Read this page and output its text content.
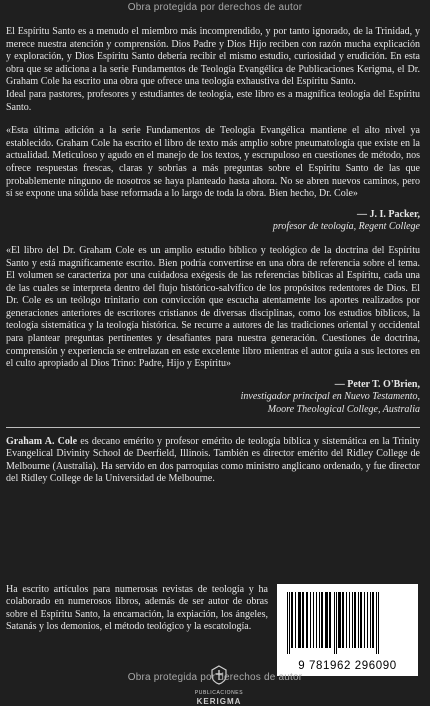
Obra protegida por derechos de autor

El Espíritu Santo es a menudo el miembro más incomprendido, y por tanto ignorado, de la Trinidad, y merece nuestra atención y comprensión. Dios Padre y Dios Hijo reciben con razón mucha explicación y exploración, y Dios Espíritu Santo debería recibir el mismo estudio, curiosidad y erudición. En esta obra que se adiciona a la serie Fundamentos de Teología Evangélica de Publicaciones Kerigma, el Dr. Graham Cole ha escrito una obra que ofrece una teología exhaustiva del Espíritu Santo.

Ideal para pastores, profesores y estudiantes de teología, este libro es a magnífica teología del Espíritu Santo.

«Esta última adición a la serie Fundamentos de Teología Evangélica mantiene el alto nivel ya establecido. Graham Cole ha escrito el libro de texto más amplio sobre pneumatología que existe en la actualidad. Meticuloso y agudo en el manejo de los textos, y escrupuloso en cuestiones de método, nos ofrece respuestas frescas, claras y sobrias a más preguntas sobre el Espíritu Santo de las que probablemente ninguno de nosotros se haya planteado hasta ahora. No se abren nuevos caminos, pero sí se expone una sólida base reformada a lo largo de toda la obra. Bien hecho, Dr. Cole»

— J. I. Packer,
profesor de teología, Regent College

«El libro del Dr. Graham Cole es un amplio estudio bíblico y teológico de la doctrina del Espíritu Santo y está magníficamente escrito. Bien podría convertirse en una obra de referencia sobre el tema. El volumen se caracteriza por una cuidadosa exégesis de las referencias bíblicas al Espíritu, cada una de las cuales se interpreta dentro del flujo histórico-salvífico de los propósitos redentores de Dios. El Dr. Cole es un teólogo trinitario con convicción que escucha atentamente los aportes realizados por generaciones anteriores de escritores cristianos de diversas disciplinas, como los estudios bíblicos, la teología sistemática y la teología histórica. Se recurre a autores de las tradiciones oriental y occidental para plantear preguntas pertinentes y desafiantes para nuestra generación. Cuestiones de doctrina, comprensión y experiencia se entrelazan en este excelente libro mientras el autor guía a sus lectores en el culto apropiado al Dios Trino: Padre, Hijo y Espíritu»

— Peter T. O'Brien,
investigador principal en Nuevo Testamento,
Moore Theological College, Australia

Graham A. Cole es decano emérito y profesor emérito de teología bíblica y sistemática en la Trinity Evangelical Divinity School de Deerfield, Illinois. También es director emérito del Ridley College de Melbourne (Australia). Ha servido en dos parroquias como ministro anglicano ordenado, y fue director del Ridley College de la Universidad de Melbourne.

Ha escrito artículos para numerosas revistas de teología y ha colaborado en numerosos libros, además de ser autor de obras sobre el Espíritu Santo, la encarnación, la expiación, los ángeles, Satanás y los demonios, el método teológico y la escatología.

PUBLICACIONES
KERIGMA
9 781962 296090
Obra protegida por derechos de autor
